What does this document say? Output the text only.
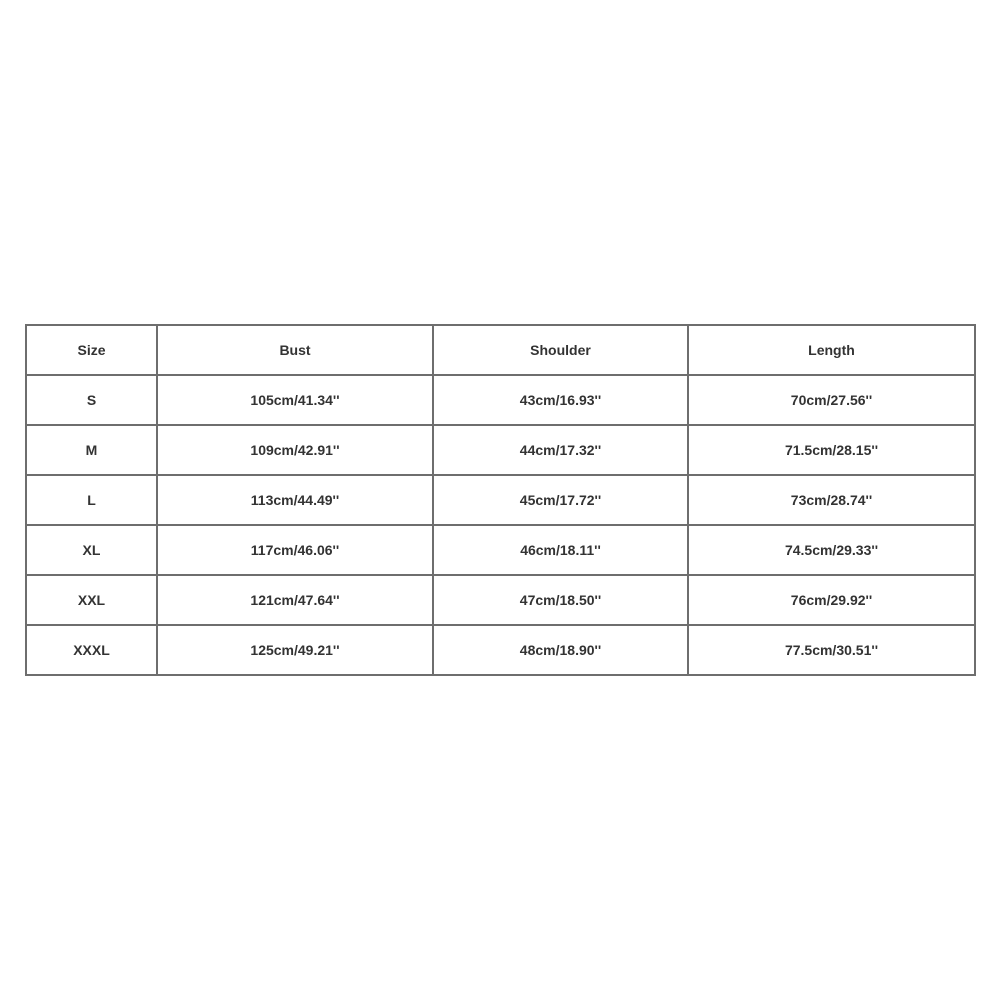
Size	Bust	Shoulder	Length
S	105cm/41.34''	43cm/16.93''	70cm/27.56''
M	109cm/42.91''	44cm/17.32''	71.5cm/28.15''
L	113cm/44.49''	45cm/17.72''	73cm/28.74''
XL	117cm/46.06''	46cm/18.11''	74.5cm/29.33''
XXL	121cm/47.64''	47cm/18.50''	76cm/29.92''
XXXL	125cm/49.21''	48cm/18.90''	77.5cm/30.51''
